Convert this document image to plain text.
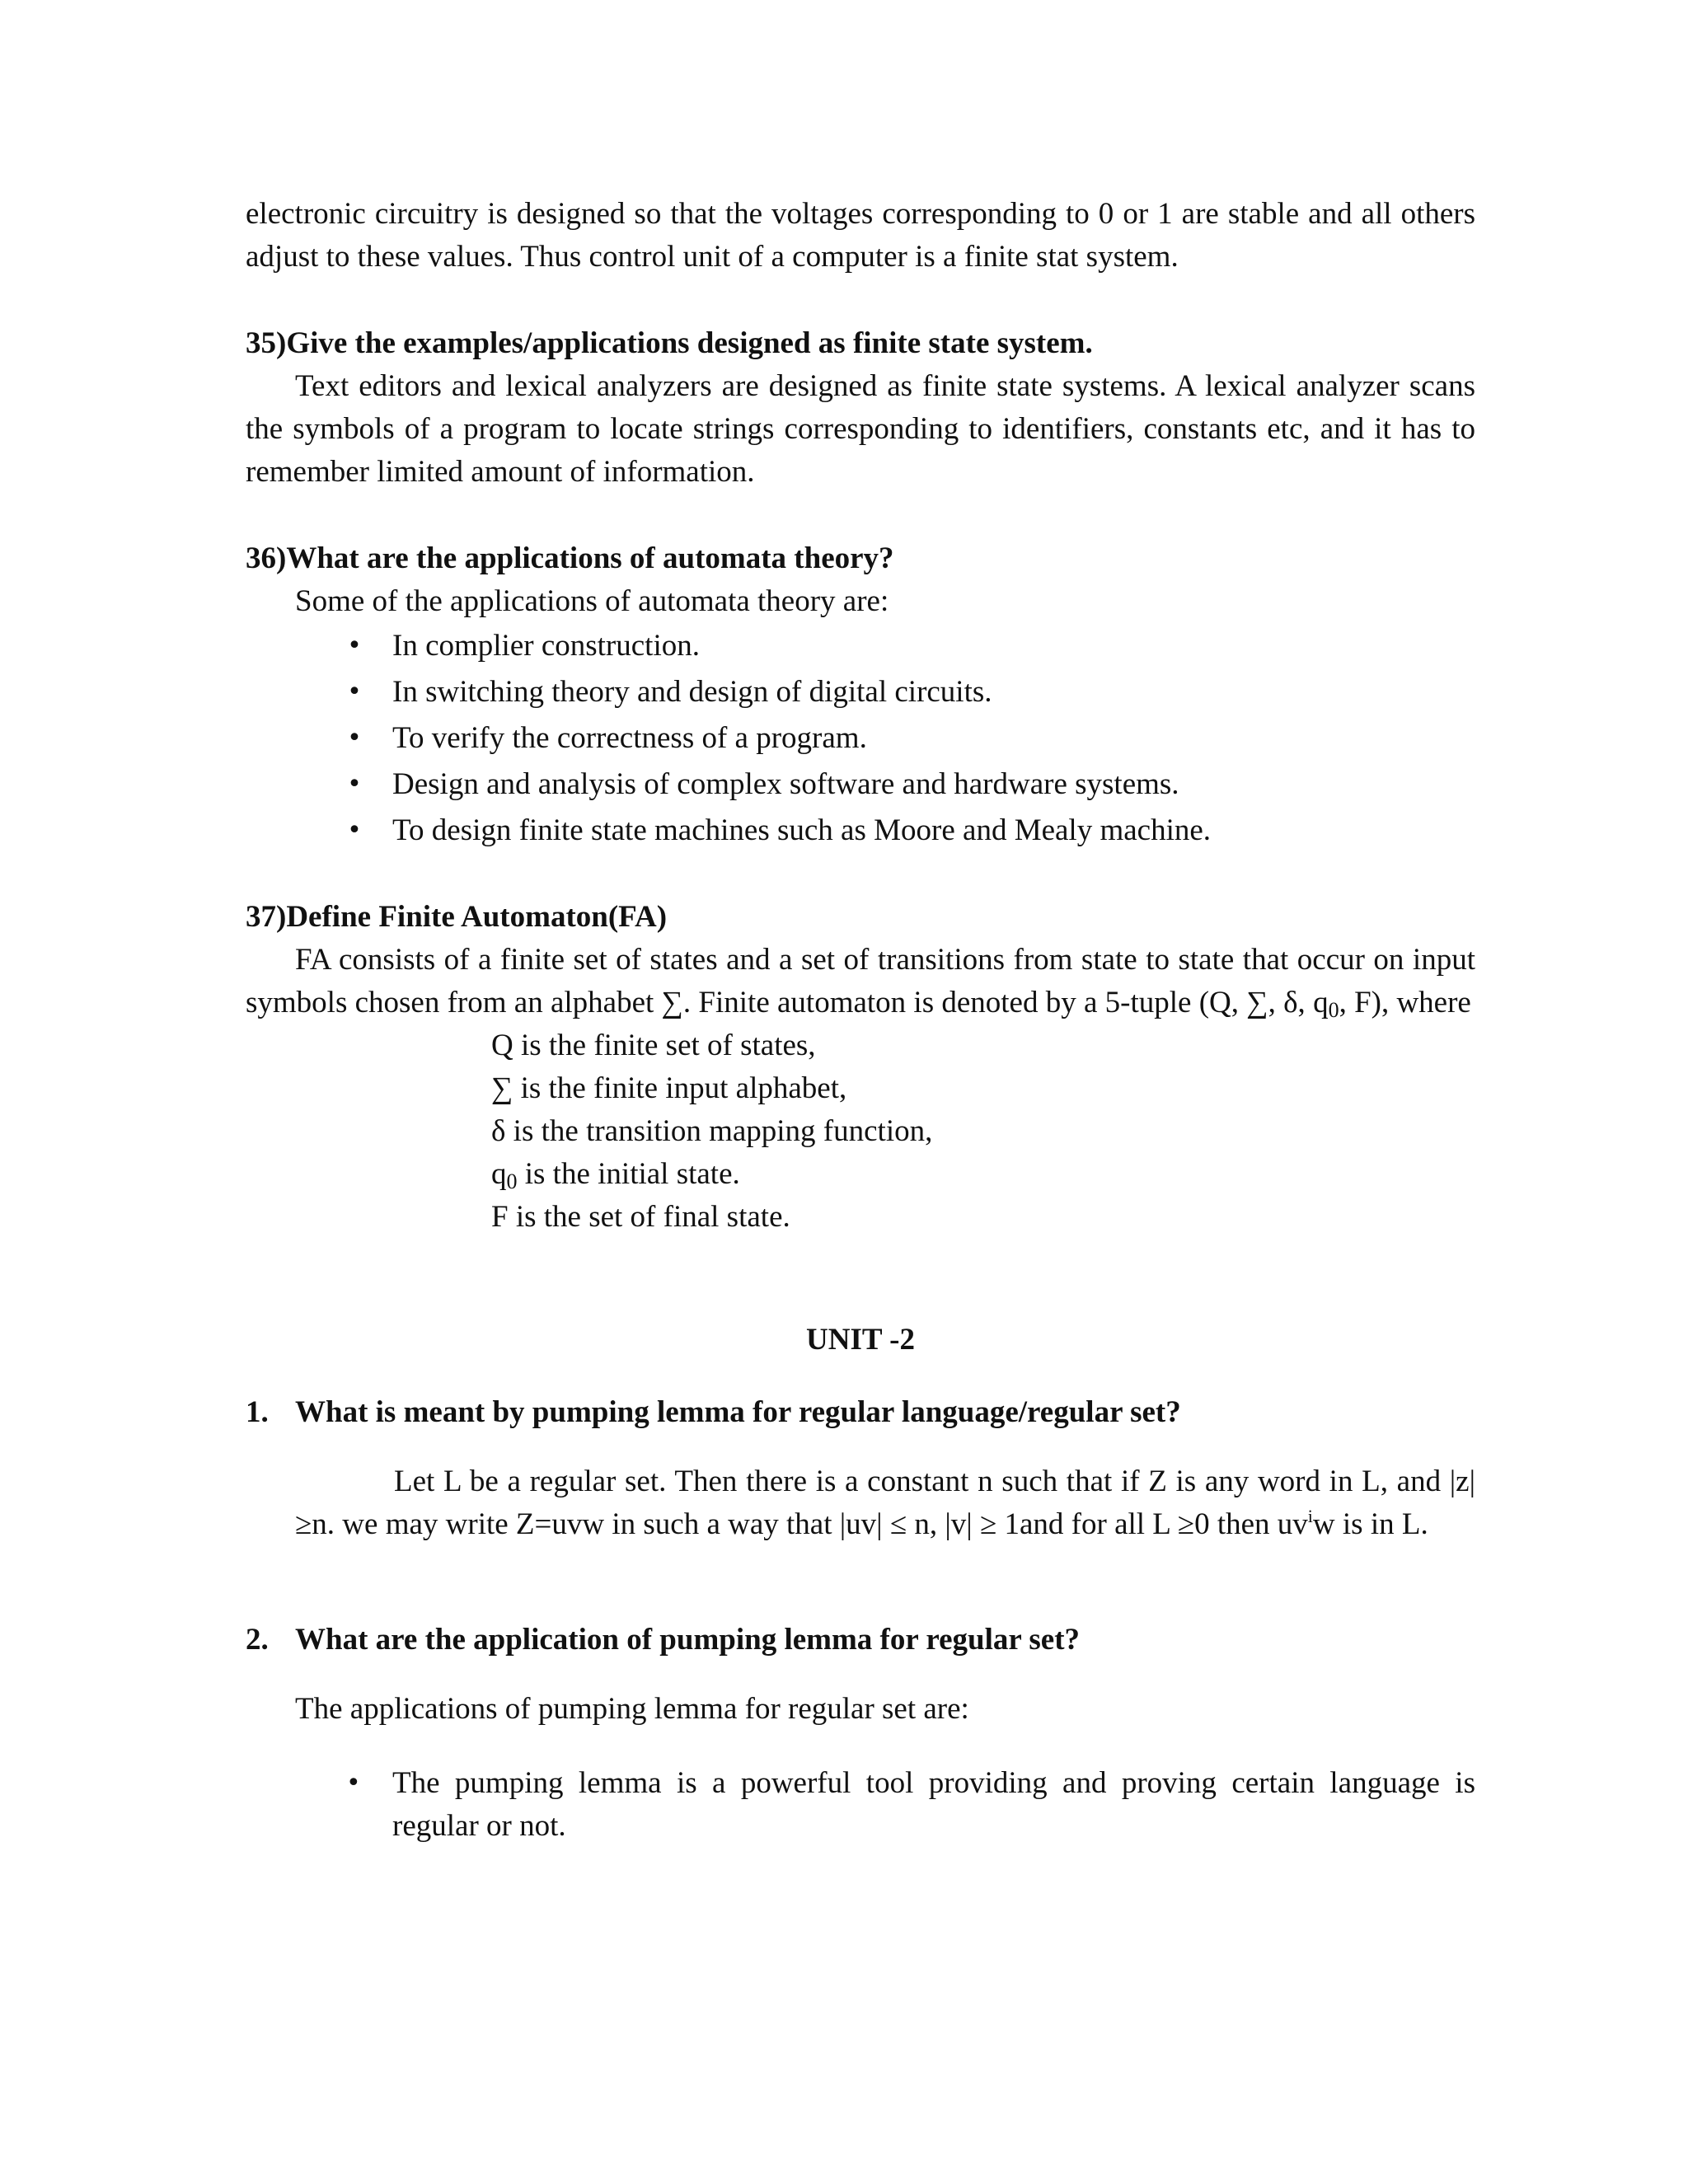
electronic circuitry is designed so that the voltages corresponding to 0 or 1 are stable and all others adjust to these values. Thus control unit of a computer is a finite stat system.

35)Give the examples/applications designed as finite state system.

Text editors and lexical analyzers are designed as finite state systems. A lexical analyzer scans the symbols of a program to locate strings corresponding to identifiers, constants etc, and it has to remember limited amount of information.

36)What are the applications of automata theory?

Some of the applications of automata theory are:

• In complier construction.
• In switching theory and design of digital circuits.
• To verify the correctness of a program.
• Design and analysis of complex software and hardware systems.
• To design finite state machines such as Moore and Mealy machine.

37)Define Finite Automaton(FA)

FA consists of a finite set of states and a set of transitions from state to state that occur on input symbols chosen from an alphabet ∑. Finite automaton is denoted by a 5-tuple (Q, ∑, δ, $q_0$, F), where

Q is the finite set of states,

∑ is the finite input alphabet,

δ is the transition mapping function,

$q_0$ is the initial state.

F is the set of final state.

UNIT -2

1. What is meant by pumping lemma for regular language/regular set?

Let L be a regular set. Then there is a constant n such that if Z is any word in L, and |z|≥n. we may write Z=uvw in such a way that |uv| ≤ n, |v| ≥ 1and for all L ≥0 then $uv^iw$ is in L.

2. What are the application of pumping lemma for regular set?

The applications of pumping lemma for regular set are:

• The pumping lemma is a powerful tool providing and proving certain language is regular or not.
